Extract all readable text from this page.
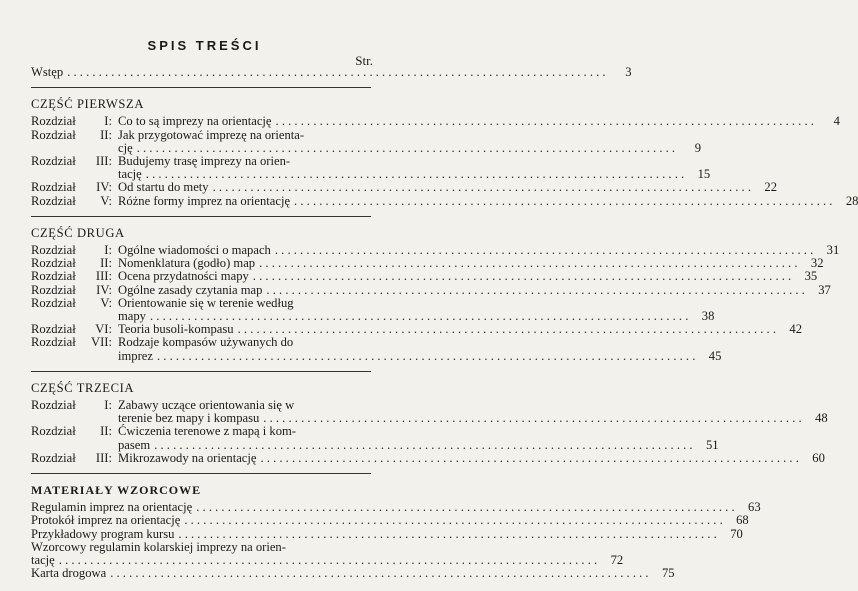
SPIS TREŚCI
Str.
Wstęp . . .	3
CZĘŚĆ PIERWSZA
Rozdział I: Co to są imprezy na orientację . . .	4
Rozdział II: Jak przygotować imprezę na orienta-
cję . . .	9
Rozdział III: Budujemy trasę imprezy na orien-
tację . . .	15
Rozdział IV: Od startu do mety . . .	22
Rozdział V: Różne formy imprez na orientację . . .	28
CZĘŚĆ DRUGA
Rozdział I: Ogólne wiadomości o mapach . . .	31
Rozdział II: Nomenklatura (godło) map . . .	32
Rozdział III: Ocena przydatności mapy . . .	35
Rozdział IV: Ogólne zasady czytania map . . .	37
Rozdział V: Orientowanie się w terenie według
mapy . . .	38
Rozdział VI: Teoria busoli-kompasu . . .	42
Rozdział VII: Rodzaje kompasów używanych do
imprez . . .	45
CZĘŚĆ TRZECIA
Rozdział I: Zabawy uczące orientowania się w
terenie bez mapy i kompasu . . .	48
Rozdział II: Ćwiczenia terenowe z mapą i kom-
pasem . . .	51
Rozdział III: Mikrozawody na orientację . . .	60
MATERIAŁY WZORCOWE
Regulamin imprez na orientację . . .	63
Protokół imprez na orientację . . .	68
Przykładowy program kursu . . .	70
Wzorcowy regulamin kolarskiej imprezy na orien-
tację . . .	72
Karta drogowa . . .	75
